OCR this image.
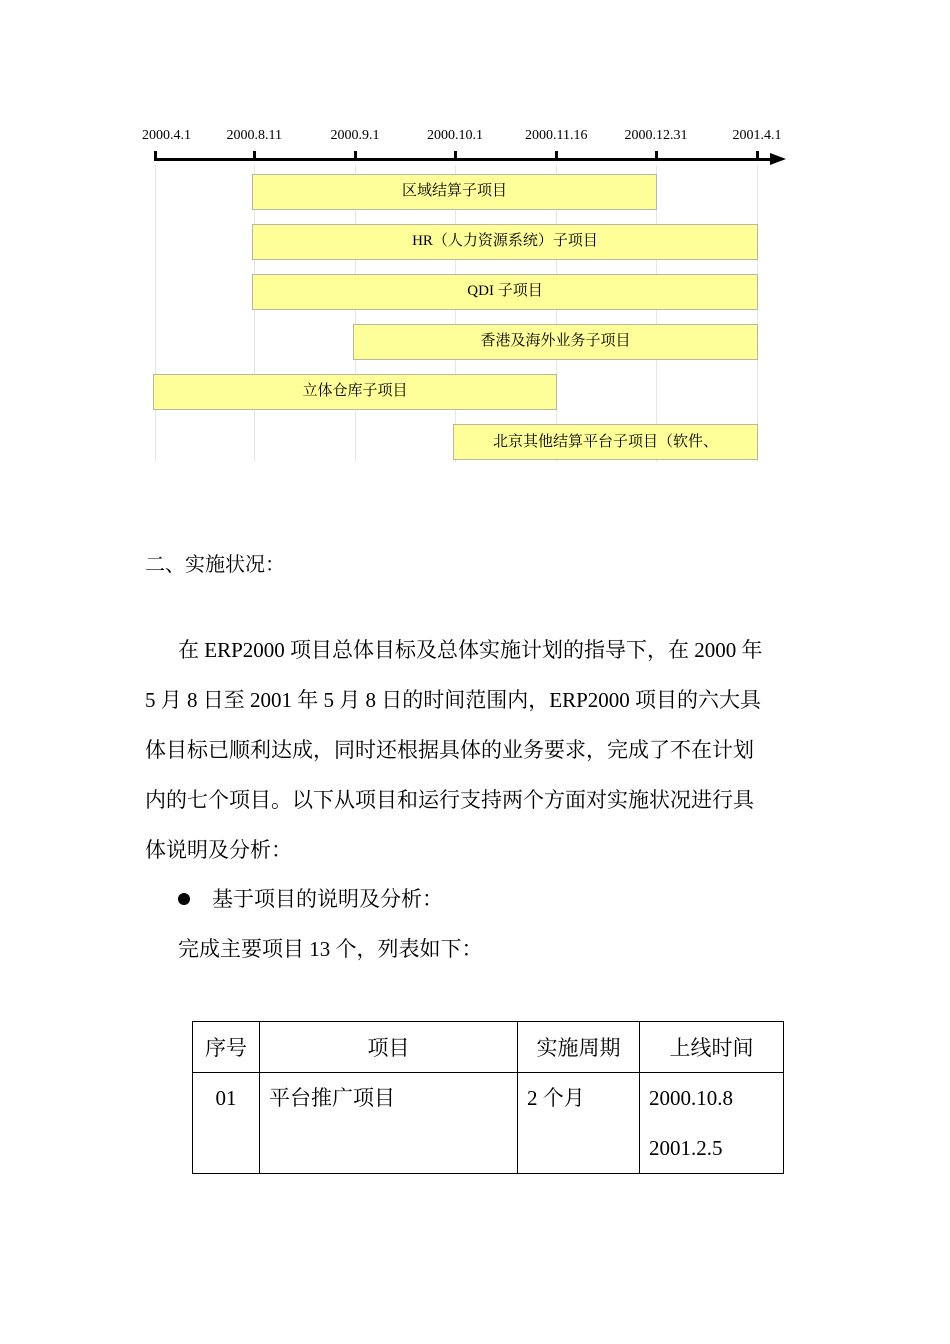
2000.4.1	2000.8.11	2000.9.1	2000.10.1	2000.11.16	2000.12.31	2001.4.1
区域结算子项目
HR（人力资源系统）子项目
QDI 子项目
香港及海外业务子项目
立体仓库子项目
北京其他结算平台子项目（软件、
二、实施状况：

在 ERP2000 项目总体目标及总体实施计划的指导下，在 2000 年

5 月 8 日至 2001 年 5 月 8 日的时间范围内，ERP2000 项目的六大具

体目标已顺利达成，同时还根据具体的业务要求，完成了不在计划

内的七个项目。以下从项目和运行支持两个方面对实施状况进行具

体说明及分析：

基于项目的说明及分析：
完成主要项目 13 个，列表如下：
序号	项目	实施周期	上线时间
01	平台推广项目	2 个月	2000.10.8
2001.2.5
